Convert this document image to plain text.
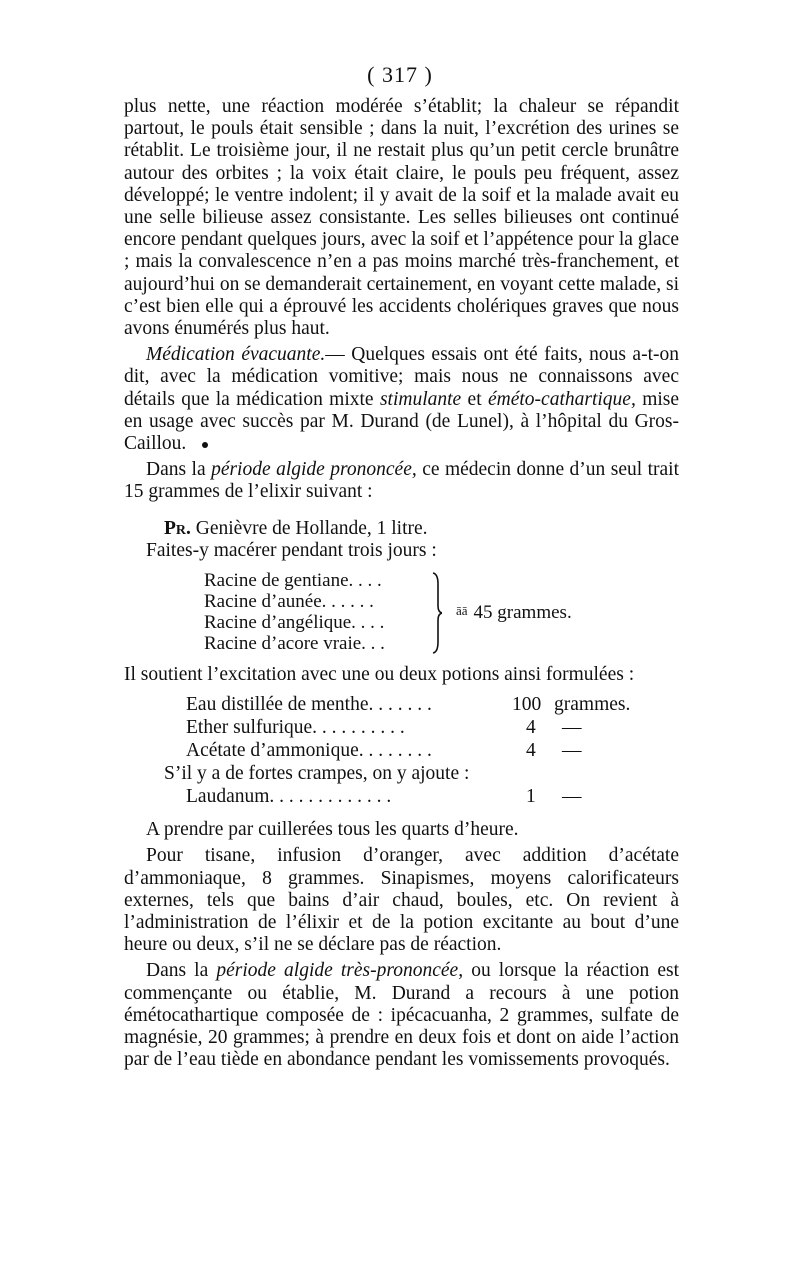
( 317 )

plus nette, une réaction modérée s’établit; la chaleur se répandit partout, le pouls était sensible ; dans la nuit, l’excrétion des urines se rétablit. Le troisième jour, il ne restait plus qu’un petit cercle brunâtre autour des orbites ; la voix était claire, le pouls peu fréquent, assez développé; le ventre indolent; il y avait de la soif et la malade avait eu une selle bilieuse assez consistante. Les selles bilieuses ont continué encore pendant quelques jours, avec la soif et l’appétence pour la glace ; mais la convalescence n’en a pas moins marché très-franchement, et aujourd’hui on se demanderait certainement, en voyant cette malade, si c’est bien elle qui a éprouvé les accidents cholériques graves que nous avons énumérés plus haut.

Médication évacuante.— Quelques essais ont été faits, nous a-t-on dit, avec la médication vomitive; mais nous ne connaissons avec détails que la médication mixte stimulante et éméto-cathartique, mise en usage avec succès par M. Durand (de Lunel), à l’hôpital du Gros-Caillou.

Dans la période algide prononcée, ce médecin donne d’un seul trait 15 grammes de l’elixir suivant :

Pr. Genièvre de Hollande, 1 litre.
Faites-y macérer pendant trois jours :
Racine de gentiane. . . .
Racine d’aunée. . . . . .
Racine d’angélique. . . .
Racine d’acore vraie. . .
āā 45 grammes.
Il soutient l’excitation avec une ou deux potions ainsi formulées :
Eau distillée de menthe. . . . . . .	100 grammes.
Ether sulfurique. . . . . . . . . .	4 —
Acétate d’ammonique. . . . . . . .	4 —
S’il y a de fortes crampes, on y ajoute :
Laudanum. . . . . . . . . . . . .	1 —

A prendre par cuillerées tous les quarts d’heure.

Pour tisane, infusion d’oranger, avec addition d’acétate d’ammoniaque, 8 grammes. Sinapismes, moyens calorificateurs externes, tels que bains d’air chaud, boules, etc. On revient à l’administration de l’élixir et de la potion excitante au bout d’une heure ou deux, s’il ne se déclare pas de réaction.

Dans la période algide très-prononcée, ou lorsque la réaction est commençante ou établie, M. Durand a recours à une potion émétocathartique composée de : ipécacuanha, 2 grammes, sulfate de magnésie, 20 grammes; à prendre en deux fois et dont on aide l’action par de l’eau tiède en abondance pendant les vomissements provoqués.
